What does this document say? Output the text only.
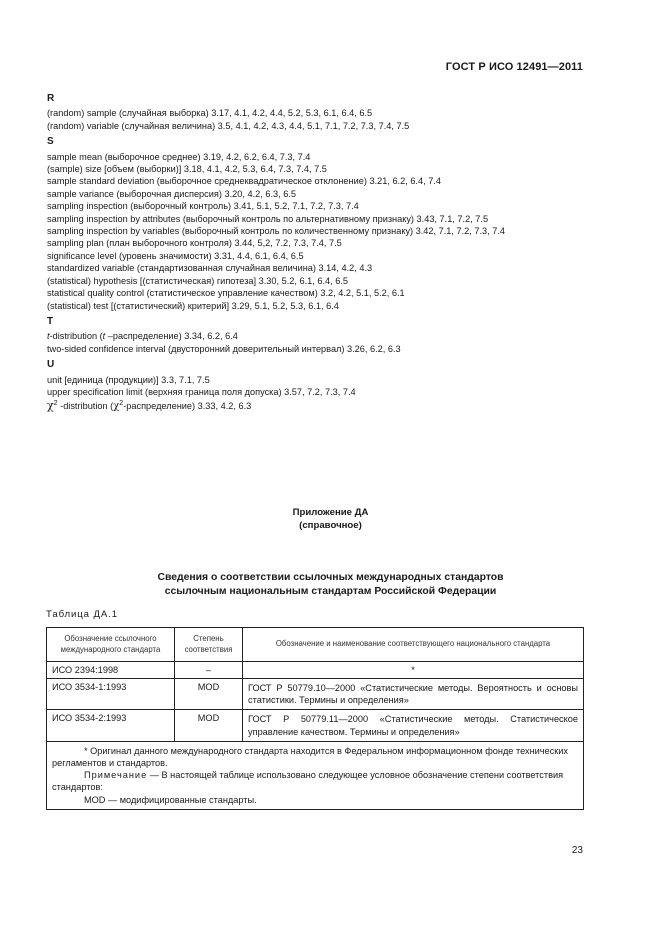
ГОСТ Р ИСО 12491—2011
R
(random) sample (случайная выборка) 3.17, 4.1, 4.2, 4.4, 5.2, 5.3, 6.1, 6.4, 6.5
(random) variable (случайная величина) 3.5, 4.1, 4.2, 4.3, 4.4, 5.1, 7.1, 7.2, 7.3, 7.4, 7.5
S
sample mean (выборочное среднее) 3.19, 4.2, 6.2, 6.4, 7.3, 7.4
(sample) size [объем (выборки)] 3.18, 4.1, 4.2, 5.3, 6.4, 7.3, 7.4, 7.5
sample standard deviation (выборочное среднеквадратическое отклонение) 3.21, 6.2, 6.4, 7.4
sample variance (выборочная дисперсия) 3.20, 4.2, 6.3, 6.5
sampling inspection (выборочный контроль) 3.41, 5.1, 5.2, 7.1, 7.2, 7.3, 7.4
sampling inspection by attributes (выборочный контроль по альтернативному признаку) 3.43, 7.1, 7.2, 7.5
sampling inspection by variables (выборочный контроль по количественному признаку) 3.42, 7.1, 7.2, 7.3, 7.4
sampling plan (план выборочного контроля) 3.44, 5,2, 7.2, 7.3, 7.4, 7.5
significance level (уровень значимости) 3.31, 4.4, 6.1, 6.4, 6.5
standardized variable (стандартизованная случайная величина) 3.14, 4.2, 4.3
(statistical) hypothesis [(статистическая) гипотеза] 3.30, 5.2, 6.1, 6.4, 6.5
statistical quality control (статистическое управление качеством) 3.2, 4.2, 5.1, 5.2, 6.1
(statistical) test [(статистический) критерий] 3.29, 5.1, 5.2, 5.3, 6.1, 6.4
T
t-distribution (t –распределение) 3.34, 6.2, 6.4
two-sided confidence interval (двусторонний доверительный интервал) 3.26, 6.2, 6.3
U
unit [единица (продукции)] 3.3, 7.1, 7.5
upper specification limit (верхняя граница поля допуска) 3.57, 7.2, 7.3, 7.4
$\chi^2$ -distribution $(\chi^2-распределение)$ 3.33, 4.2, 6.3
Приложение ДА
(справочное)
Сведения о соответствии ссылочных международных стандартов
ссылочным национальным стандартам Российской Федерации
Таблица ДА.1
Обозначение ссылочного международного стандарта	Степень соответствия	Обозначение и наименование соответствующего национального стандарта
ИСО 2394:1998	–	*
ИСО 3534-1:1993	MOD	ГОСТ Р 50779.10—2000 «Статистические методы. Вероятность и основы статистики. Термины и определения»
ИСО 3534-2:1993	MOD	ГОСТ Р 50779.11—2000 «Статистические методы. Статистическое управление качеством. Термины и определения»

* Оригинал данного международного стандарта находится в Федеральном информационном фонде технических регламентов и стандартов.

Примечание — В настоящей таблице использовано следующее условное обозначение степени соответствия стандартов:

MOD — модифицированные стандарты.		

23
